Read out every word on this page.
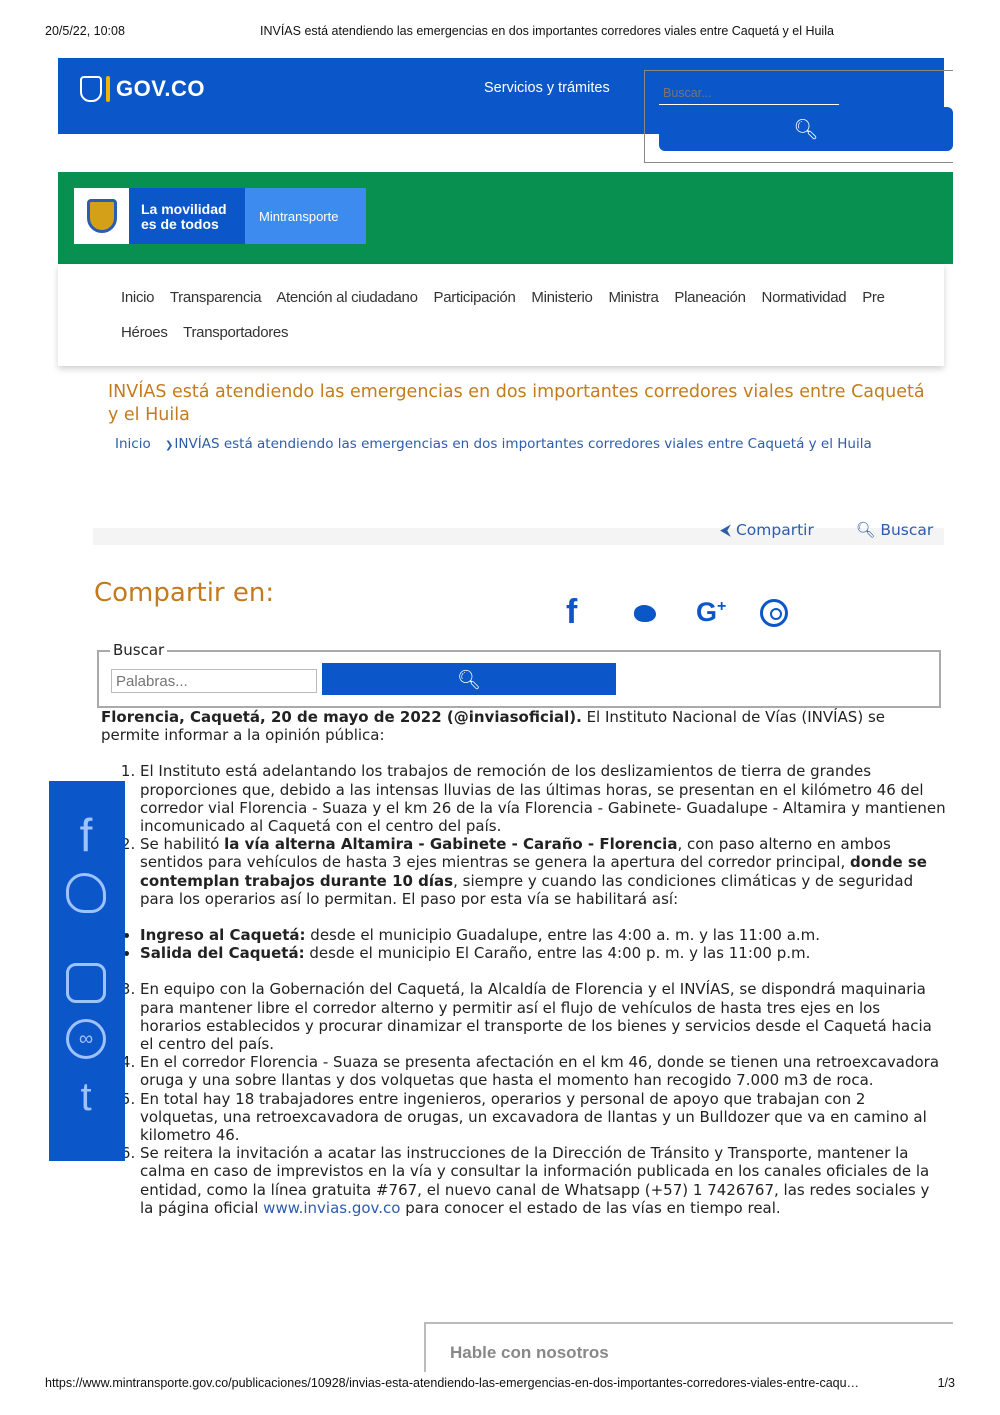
20/5/22, 10:08	INVÍAS está atendiendo las emergencias en dos importantes corredores viales entre Caquetá y el Huila
GOV.CO	Servicios y trámites
Buscar...
🔍︎
La movilidad es de todos	Mintransporte
Inicio Transparencia Atención al ciudadano Participación Ministerio Ministra Planeación Normatividad Pre
Héroes Transportadores
INVÍAS está atendiendo las emergencias en dos importantes corredores viales entre Caquetá y el Huila
Inicio ❯INVÍAS está atendiendo las emergencias en dos importantes corredores viales entre Caquetá y el Huila
⮜ Compartir	🔍︎ Buscar
Compartir en:	f	G+
Buscar
Palabras...
🔍︎

Florencia, Caquetá, 20 de mayo de 2022 (@inviasoficial). El Instituto Nacional de Vías (INVÍAS) se permite informar a la opinión pública:

1. El Instituto está adelantando los trabajos de remoción de los deslizamientos de tierra de grandes proporciones que, debido a las intensas lluvias de las últimas horas, se presentan en el kilómetro 46 del corredor vial Florencia - Suaza y el km 26 de la vía Florencia - Gabinete- Guadalupe - Altamira y mantienen incomunicado al Caquetá con el centro del país.
2. Se habilitó la vía alterna Altamira - Gabinete - Caraño - Florencia, con paso alterno en ambos sentidos para vehículos de hasta 3 ejes mientras se genera la apertura del corredor principal, donde se contemplan trabajos durante 10 días, siempre y cuando las condiciones climáticas y de seguridad para los operarios así lo permitan. El paso por esta vía se habilitará así:
• Ingreso al Caquetá: desde el municipio Guadalupe, entre las 4:00 a. m. y las 11:00 a.m.
• Salida del Caquetá: desde el municipio El Caraño, entre las 4:00 p. m. y las 11:00 p.m.
3. En equipo con la Gobernación del Caquetá, la Alcaldía de Florencia y el INVÍAS, se dispondrá maquinaria para mantener libre el corredor alterno y permitir así el flujo de vehículos de hasta tres ejes en los horarios establecidos y procurar dinamizar el transporte de los bienes y servicios desde el Caquetá hacia el centro del país.
4. En el corredor Florencia - Suaza se presenta afectación en el km 46, donde se tienen una retroexcavadora oruga y una sobre llantas y dos volquetas que hasta el momento han recogido 7.000 m3 de roca.
5. En total hay 18 trabajadores entre ingenieros, operarios y personal de apoyo que trabajan con 2 volquetas, una retroexcavadora de orugas, un excavadora de llantas y un Bulldozer que va en camino al kilometro 46.
6. Se reitera la invitación a acatar las instrucciones de la Dirección de Tránsito y Transporte, mantener la calma en caso de imprevistos en la vía y consultar la información publicada en los canales oficiales de la entidad, como la línea gratuita #767, el nuevo canal de Whatsapp (+57) 1 7426767, las redes sociales y la página oficial www.invias.gov.co para conocer el estado de las vías en tiempo real.
f
∞
t
Hable con nosotros
https://www.mintransporte.gov.co/publicaciones/10928/invias-esta-atendiendo-las-emergencias-en-dos-importantes-corredores-viales-entre-caqu…	1/3
